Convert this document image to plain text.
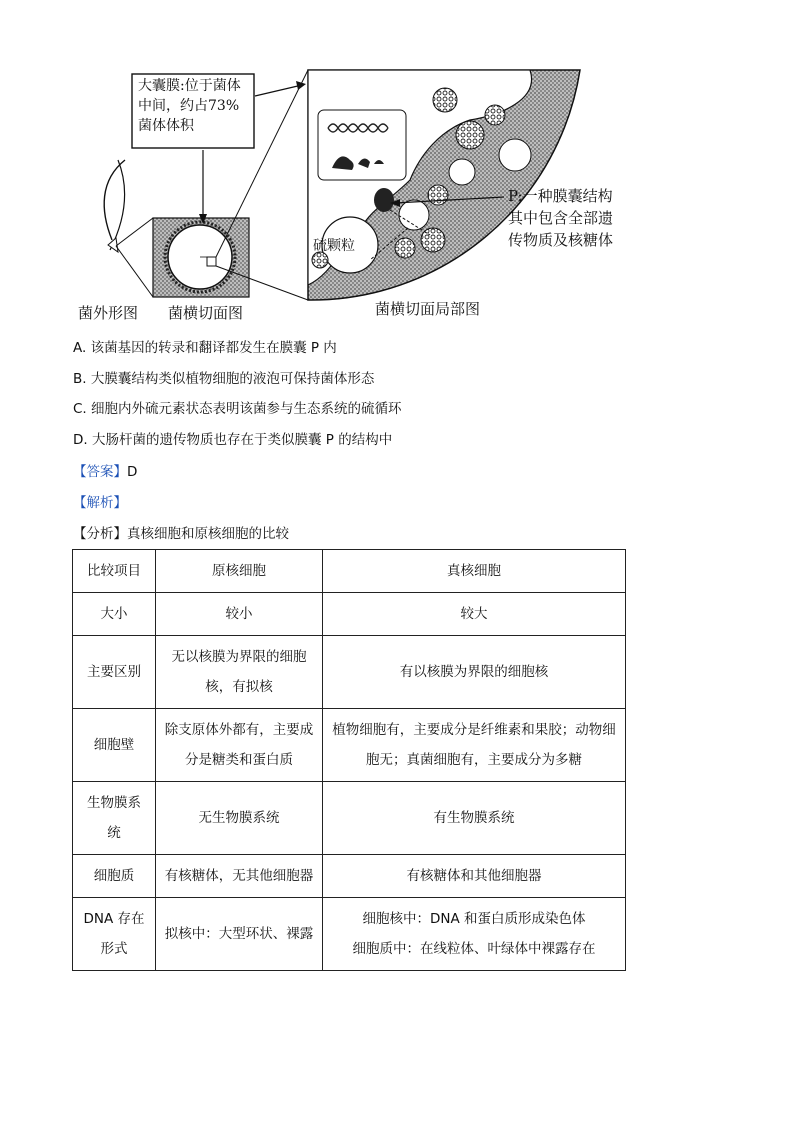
大囊膜:位于菌体
中间，约占73%
菌体体积
P:一种膜囊结构
其中包含全部遗
传物质及核糖体
硫颗粒
菌外形图 菌横切面图	菌横切面局部图
A. 该菌基因的转录和翻译都发生在膜囊 P 内
B. 大膜囊结构类似植物细胞的液泡可保持菌体形态
C. 细胞内外硫元素状态表明该菌参与生态系统的硫循环
D. 大肠杆菌的遗传物质也存在于类似膜囊 P 的结构中
【答案】D
【解析】
【分析】真核细胞和原核细胞的比较
比较项目	原核细胞	真核细胞
大小	较小	较大
主要区别	无以核膜为界限的细胞核，有拟核	有以核膜为界限的细胞核
细胞壁	除支原体外都有，主要成分是糖类和蛋白质	植物细胞有，主要成分是纤维素和果胶；动物细胞无；真菌细胞有，主要成分为多糖
生物膜系统	无生物膜系统	有生物膜系统
细胞质	有核糖体，无其他细胞器	有核糖体和其他细胞器
DNA 存在形式	拟核中：大型环状、裸露	细胞核中：DNA 和蛋白质形成染色体
细胞质中：在线粒体、叶绿体中裸露存在
